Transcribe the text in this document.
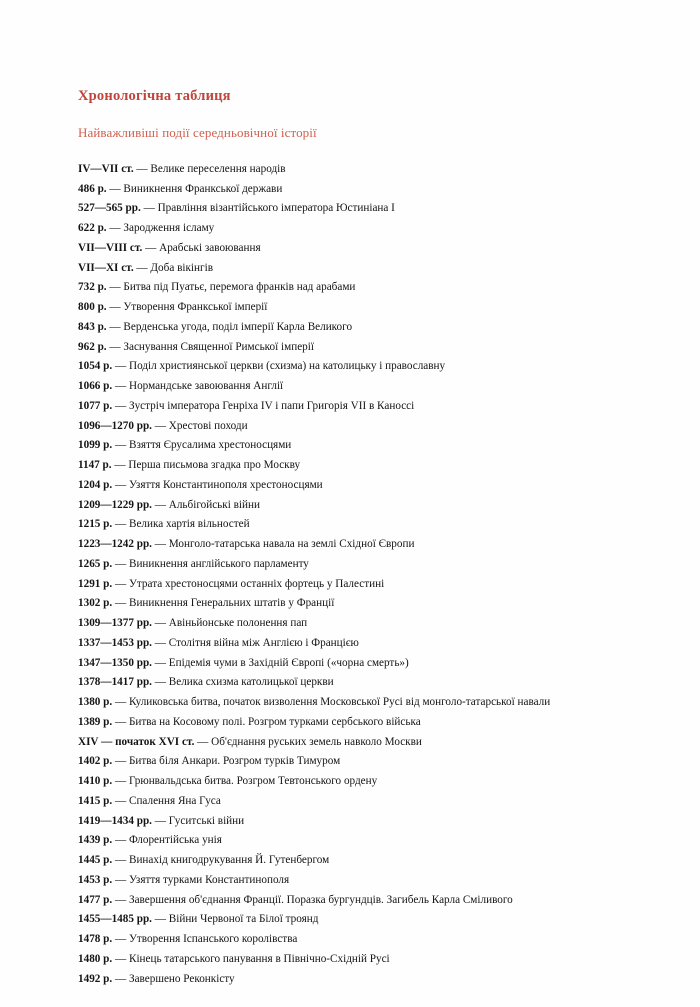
Хронологічна таблиця
Найважливіші події середньовічної історії
IV—VII ст. — Велике переселення народів
486 р. — Виникнення Франкської держави
527—565 рр. — Правління візантійського імператора Юстиніана I
622 р. — Зародження ісламу
VII—VIII ст. — Арабські завоювання
VII—XI ст. — Доба вікінгів
732 р. — Битва під Пуатьє, перемога франків над арабами
800 р. — Утворення Франкської імперії
843 р. — Верденська угода, поділ імперії Карла Великого
962 р. — Заснування Священної Римської імперії
1054 р. — Поділ християнської церкви (схизма) на католицьку і православну
1066 р. — Нормандське завоювання Англії
1077 р. — Зустріч імператора Генріха IV і папи Григорія VII в Каноссі
1096—1270 рр. — Хрестові походи
1099 р. — Взяття Єрусалима хрестоносцями
1147 р. — Перша письмова згадка про Москву
1204 р. — Узяття Константинополя хрестоносцями
1209—1229 рр. — Альбігойські війни
1215 р. — Велика хартія вільностей
1223—1242 рр. — Монголо-татарська навала на землі Східної Європи
1265 р. — Виникнення англійського парламенту
1291 р. — Утрата хрестоносцями останніх фортець у Палестині
1302 р. — Виникнення Генеральних штатів у Франції
1309—1377 рр. — Авіньйонське полонення пап
1337—1453 рр. — Столітня війна між Англією і Францією
1347—1350 рр. — Епідемія чуми в Західній Європі («чорна смерть»)
1378—1417 рр. — Велика схизма католицької церкви
1380 р. — Куликовська битва, початок визволення Московської Русі від монголо-татарської навали
1389 р. — Битва на Косовому полі. Розгром турками сербського війська
XIV — початок XVI ст. — Об'єднання руських земель навколо Москви
1402 р. — Битва біля Анкари. Розгром турків Тимуром
1410 р. — Грюнвальдська битва. Розгром Тевтонського ордену
1415 р. — Спалення Яна Гуса
1419—1434 рр. — Гуситські війни
1439 р. — Флорентійська унія
1445 р. — Винахід книгодрукування Й. Гутенбергом
1453 р. — Узяття турками Константинополя
1477 р. — Завершення об'єднання Франції. Поразка бургундців. Загибель Карла Сміливого
1455—1485 рр. — Війни Червоної та Білої троянд
1478 р. — Утворення Іспанського королівства
1480 р. — Кінець татарського панування в Північно-Східній Русі
1492 р. — Завершено Реконкісту
